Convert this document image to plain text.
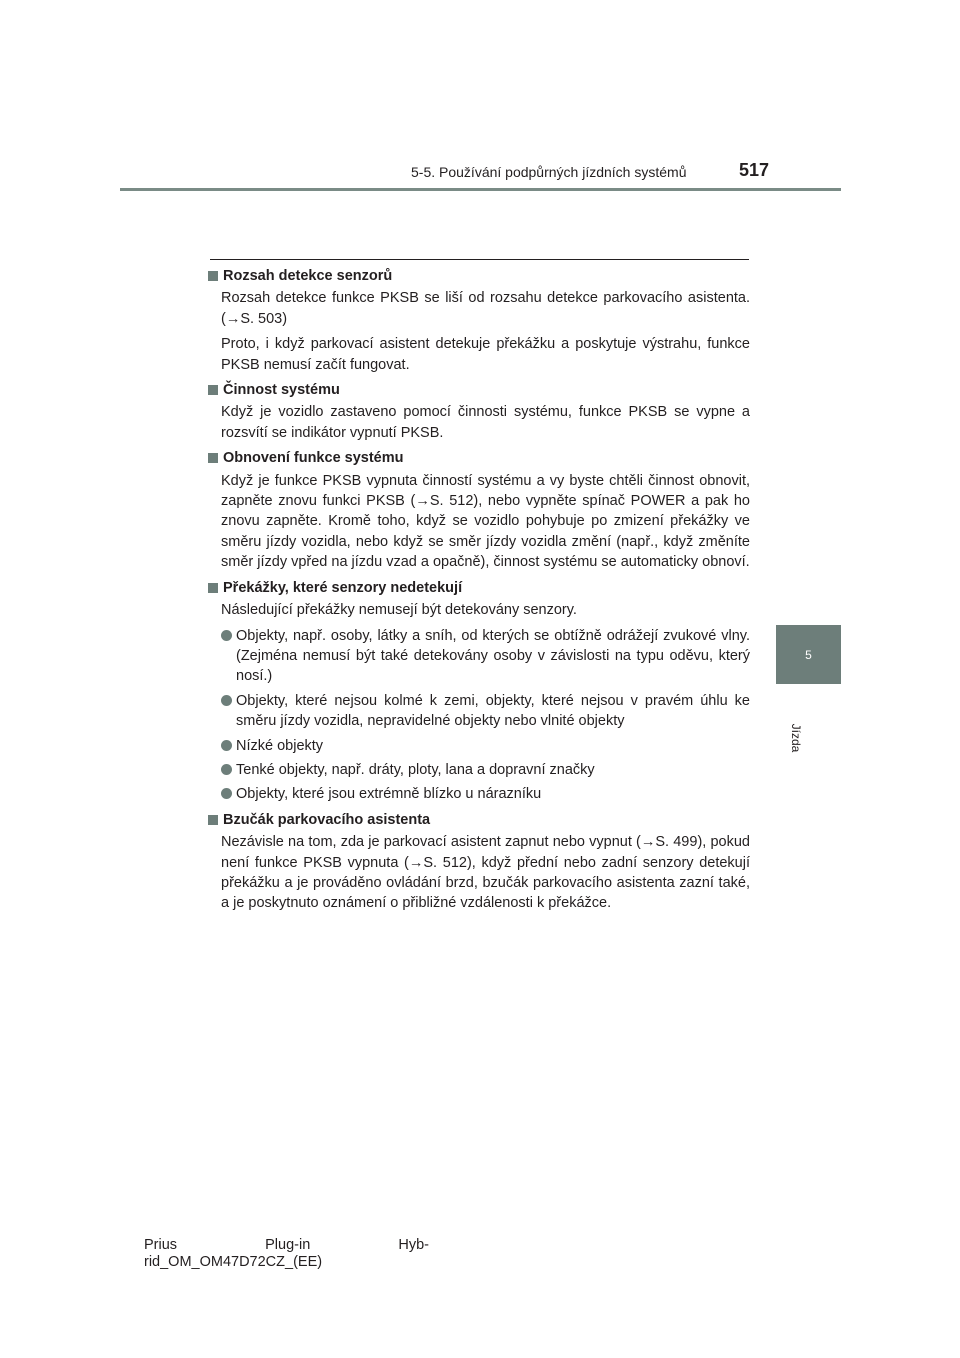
5-5. Používání podpůrných jízdních systémů	517
5
Jízda
Rozsah detekce senzorů
Rozsah detekce funkce PKSB se liší od rozsahu detekce parkovacího asistenta. (→S. 503)
Proto, i když parkovací asistent detekuje překážku a poskytuje výstrahu, funkce PKSB nemusí začít fungovat.
Činnost systému
Když je vozidlo zastaveno pomocí činnosti systému, funkce PKSB se vypne a rozsvítí se indikátor vypnutí PKSB.
Obnovení funkce systému
Když je funkce PKSB vypnuta činností systému a vy byste chtěli činnost obnovit, zapněte znovu funkci PKSB (→S. 512), nebo vypněte spínač POWER a pak ho znovu zapněte. Kromě toho, když se vozidlo pohybuje po zmizení překážky ve směru jízdy vozidla, nebo když se směr jízdy vozidla změní (např., když změníte směr jízdy vpřed na jízdu vzad a opačně), činnost systému se automaticky obnoví.
Překážky, které senzory nedetekují
Následující překážky nemusejí být detekovány senzory.
Objekty, např. osoby, látky a sníh, od kterých se obtížně odrážejí zvukové vlny. (Zejména nemusí být také detekovány osoby v závislosti na typu oděvu, který nosí.)
Objekty, které nejsou kolmé k zemi, objekty, které nejsou v pravém úhlu ke směru jízdy vozidla, nepravidelné objekty nebo vlnité objekty
Nízké objekty
Tenké objekty, např. dráty, ploty, lana a dopravní značky
Objekty, které jsou extrémně blízko u nárazníku
Bzučák parkovacího asistenta
Nezávisle na tom, zda je parkovací asistent zapnut nebo vypnut (→S. 499), pokud není funkce PKSB vypnuta (→S. 512), když přední nebo zadní senzory detekují překážku a je prováděno ovládání brzd, bzučák parkovacího asistenta zazní také, a je poskytnuto oznámení o přibližné vzdálenosti k překážce.
Prius	Plug-in	Hyb-
rid_OM_OM47D72CZ_(EE)
